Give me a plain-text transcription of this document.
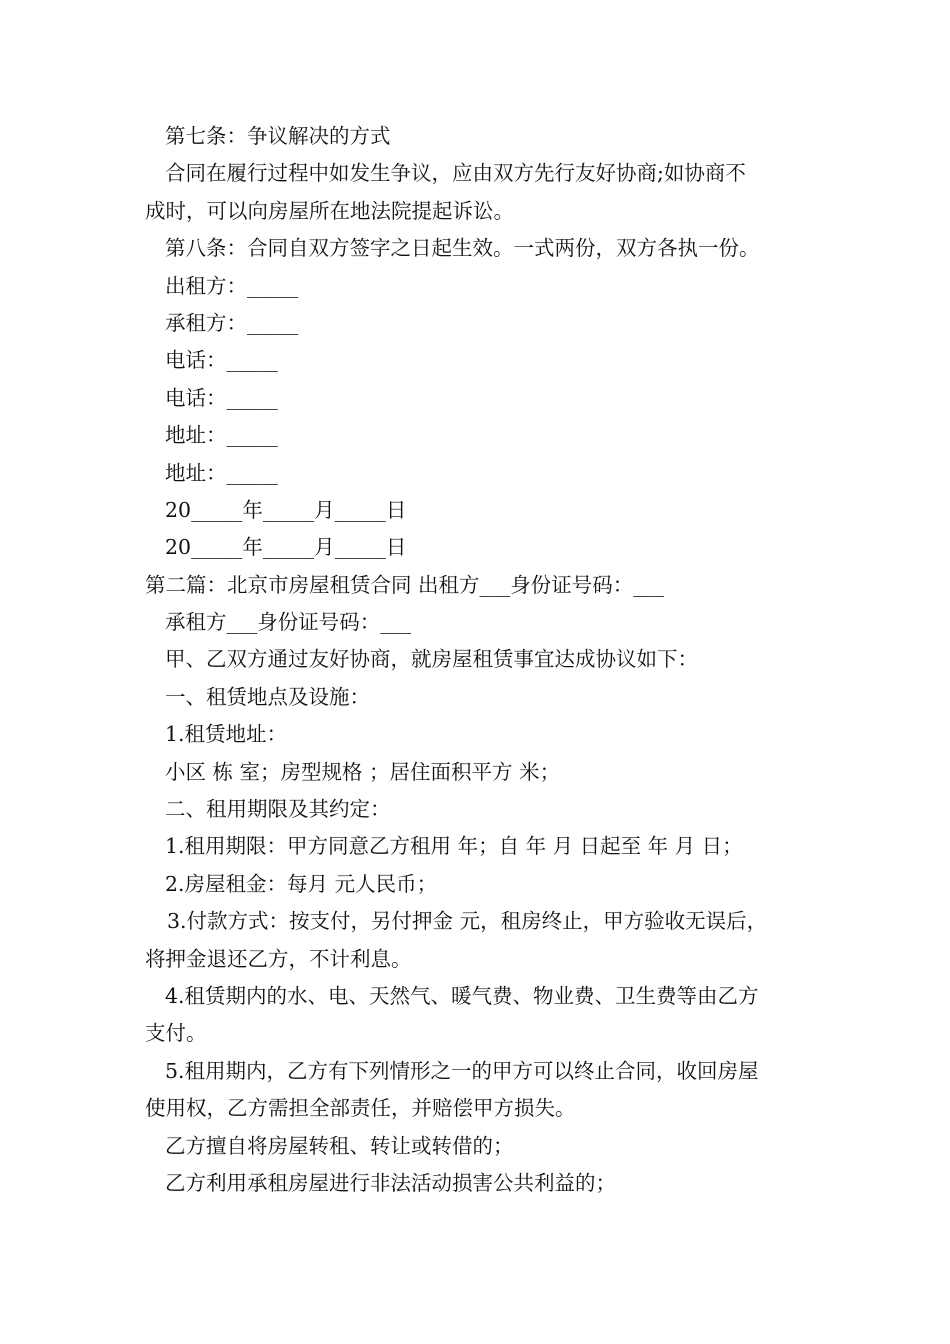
第七条：争议解决的方式
合同在履行过程中如发生争议，应由双方先行友好协商;如协商不
成时，可以向房屋所在地法院提起诉讼。
第八条：合同自双方签字之日起生效。一式两份，双方各执一份。
出租方：_____
承租方：_____
电话：_____
电话：_____
地址：_____
地址：_____
20_____年_____月_____日
20_____年_____月_____日
第二篇：北京市房屋租赁合同 出租方___身份证号码：___
承租方___身份证号码：___
甲、乙双方通过友好协商，就房屋租赁事宜达成协议如下：
一、租赁地点及设施：
1.租赁地址：
小区 栋 室；房型规格 ；居住面积平方 米；
二、租用期限及其约定：
1.租用期限：甲方同意乙方租用 年；自 年 月 日起至 年 月 日；
2.房屋租金：每月 元人民币；
3.付款方式：按支付，另付押金 元，租房终止，甲方验收无误后，
将押金退还乙方，不计利息。
4.租赁期内的水、电、天然气、暖气费、物业费、卫生费等由乙方
支付。
5.租用期内，乙方有下列情形之一的甲方可以终止合同，收回房屋
使用权，乙方需担全部责任，并赔偿甲方损失。
乙方擅自将房屋转租、转让或转借的；
乙方利用承租房屋进行非法活动损害公共利益的；
